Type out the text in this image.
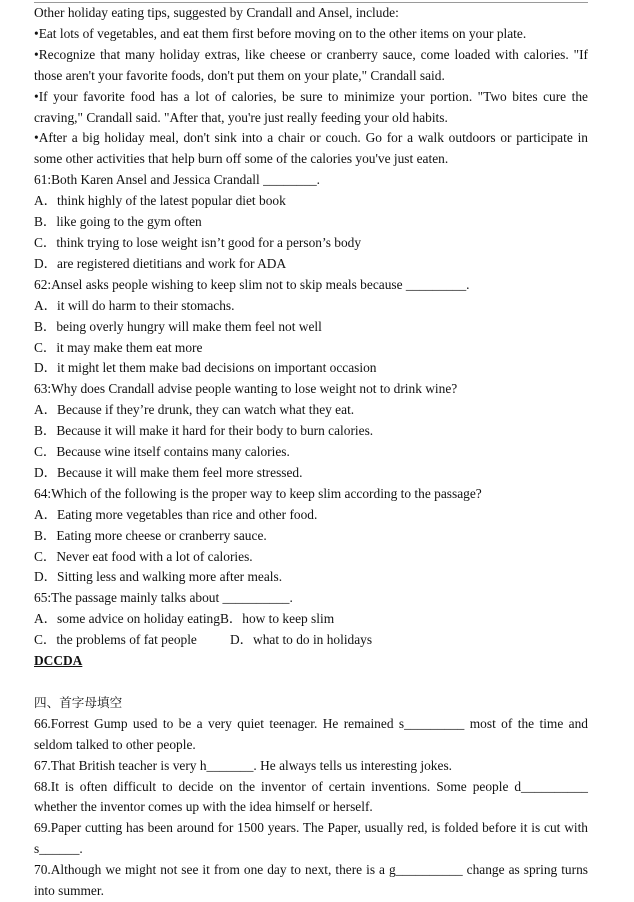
Other holiday eating tips, suggested by Crandall and Ansel, include:

•Eat lots of vegetables, and eat them first before moving on to the other items on your plate.

•Recognize that many holiday extras, like cheese or cranberry sauce, come loaded with calories. "If those aren't your favorite foods, don't put them on your plate," Crandall said.

•If your favorite food has a lot of calories, be sure to minimize your portion. "Two bites cure the craving," Crandall said. "After that, you're just really feeding your old habits.

•After a big holiday meal, don't sink into a chair or couch. Go for a walk outdoors or participate in some other activities that help burn off some of the calories you've just eaten.

61:Both Karen Ansel and Jessica Crandall ________.

A．think highly of the latest popular diet book

B．like going to the gym often

C．think trying to lose weight isn’t good for a person’s body

D．are registered dietitians and work for ADA

62:Ansel asks people wishing to keep slim not to skip meals because _________.

A．it will do harm to their stomachs.

B．being overly hungry will make them feel not well

C．it may make them eat more

D．it might let them make bad decisions on important occasion

63:Why does Crandall advise people wanting to lose weight not to drink wine?

A．Because if they’re drunk, they can watch what they eat.

B．Because it will make it hard for their body to burn calories.

C．Because wine itself contains many calories.

D．Because it will make them feel more stressed.

64:Which of the following is the proper way to keep slim according to the passage?

A．Eating more vegetables than rice and other food.

B．Eating more cheese or cranberry sauce.

C．Never eat food with a lot of calories.

D．Sitting less and walking more after meals.

65:The passage mainly talks about __________.

A．some advice on holiday eatingB．how to keep slim

C．the problems of fat people D．what to do in holidays

DCCDA

四、首字母填空

66.Forrest Gump used to be a very quiet teenager. He remained s_________ most of the time and seldom talked to other people.

67.That British teacher is very h_______. He always tells us interesting jokes.

68.It is often difficult to decide on the inventor of certain inventions. Some people d__________ whether the inventor comes up with the idea himself or herself.

69.Paper cutting has been around for 1500 years. The Paper, usually red, is folded before it is cut with s______.

70.Although we might not see it from one day to next, there is a g__________ change as spring turns into summer.
